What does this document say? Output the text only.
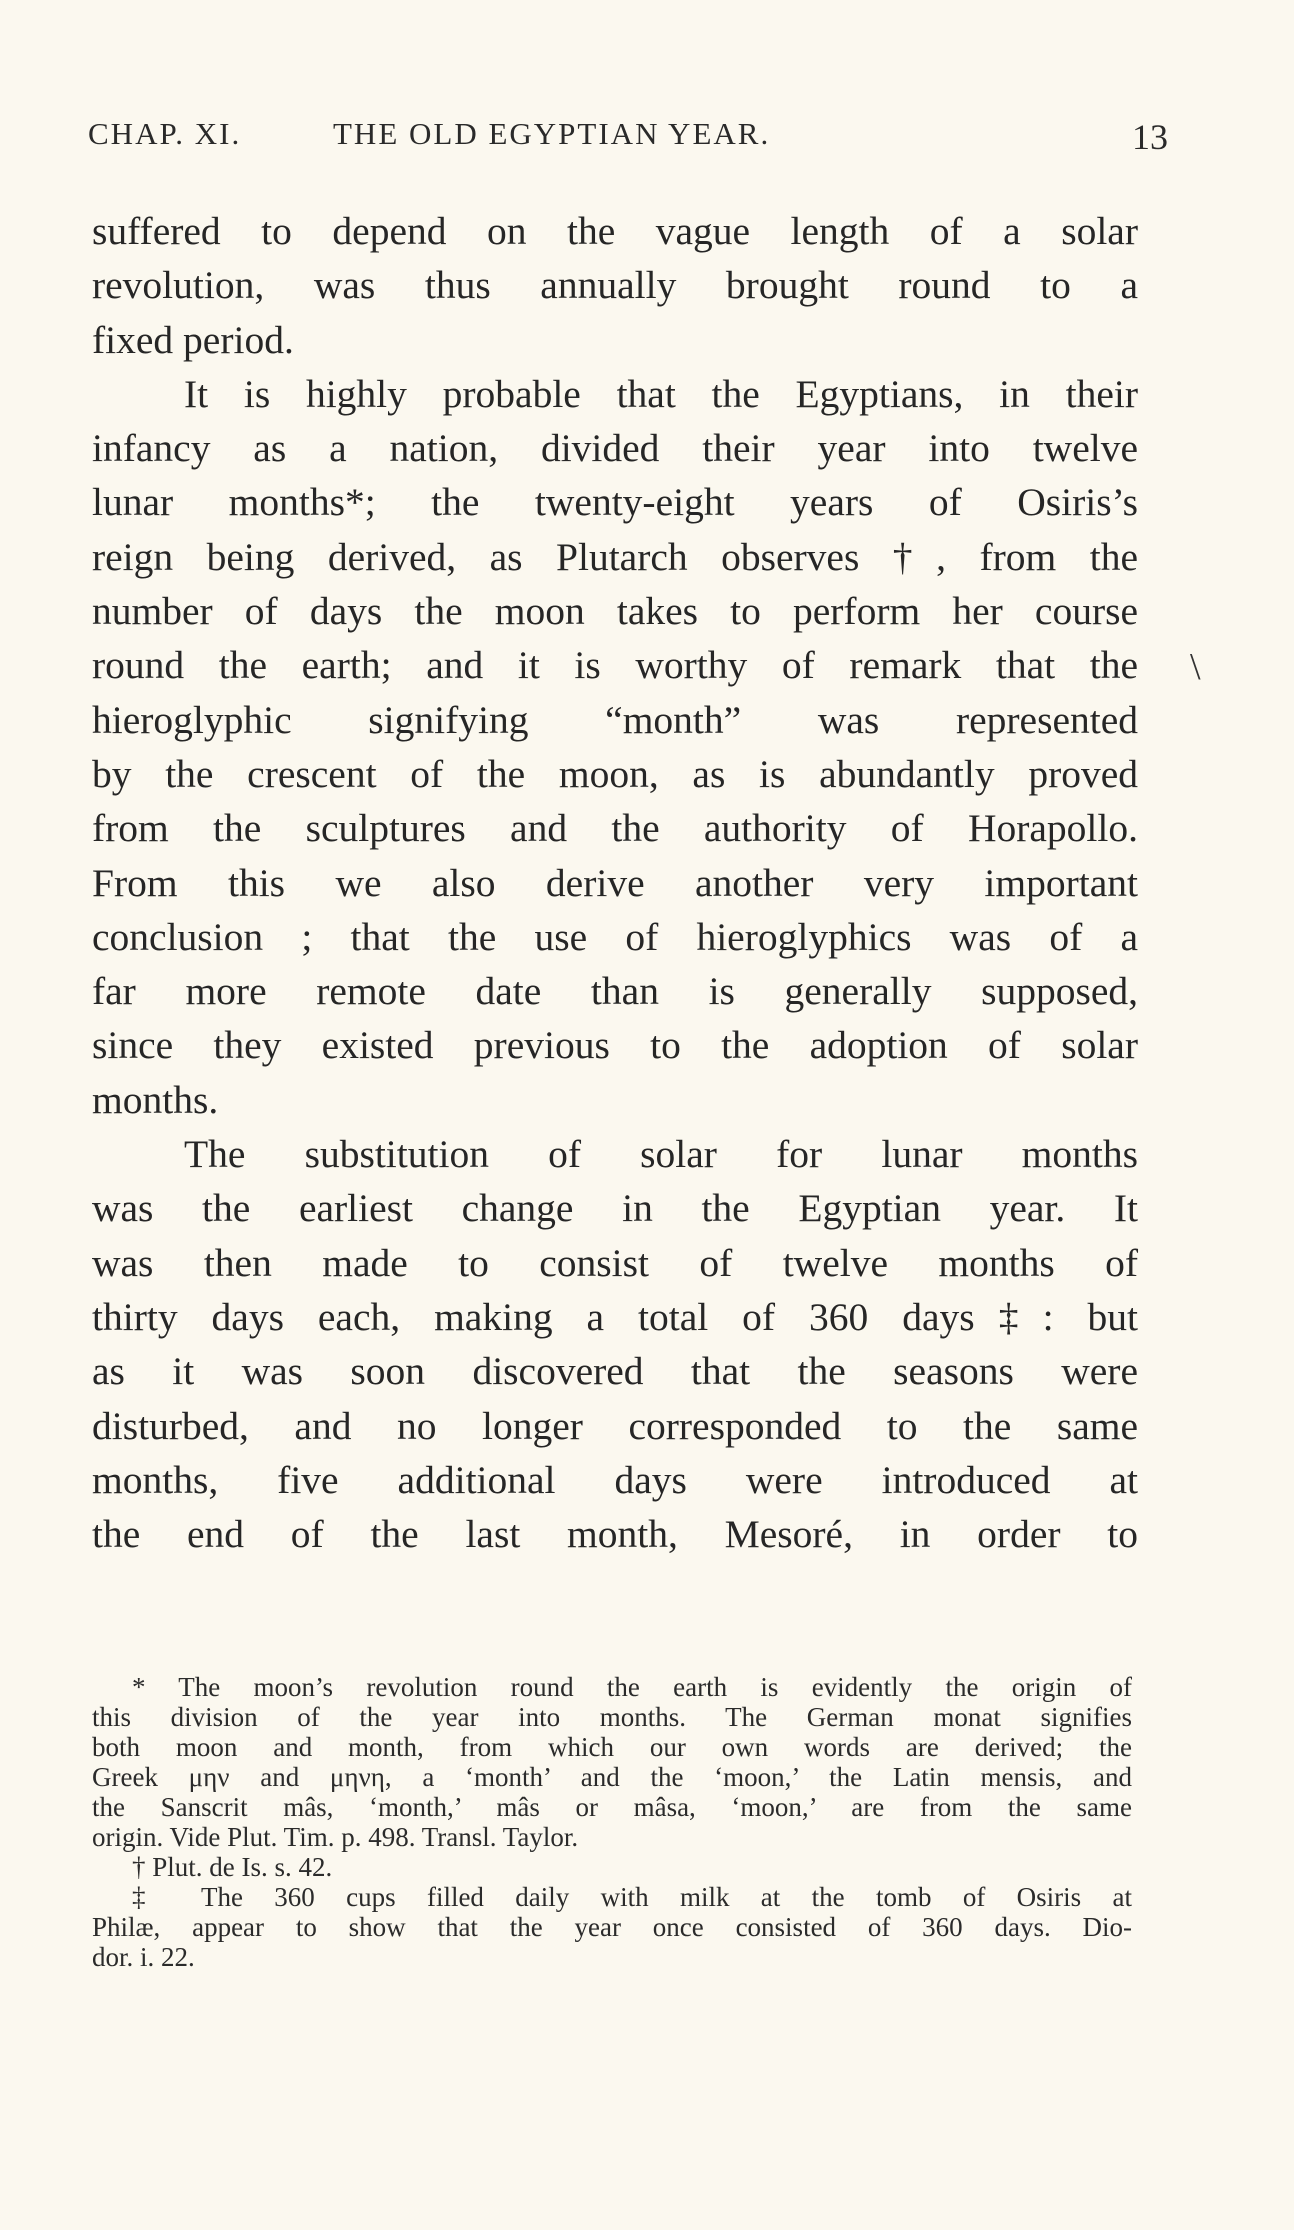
CHAP. XI.	THE OLD EGYPTIAN YEAR.	13
suffered to depend on the vague length of a solar
revolution, was thus annually brought round to a
fixed period.
It is highly probable that the Egyptians, in their
infancy as a nation, divided their year into twelve
lunar months*; the twenty-eight years of Osiris’s
reign being derived, as Plutarch observes †, from the
number of days the moon takes to perform her course
round the earth; and it is worthy of remark that the
hieroglyphic signifying “month” was represented
by the crescent of the moon, as is abundantly proved
from the sculptures and the authority of Horapollo.
From this we also derive another very important
conclusion ; that the use of hieroglyphics was of a
far more remote date than is generally supposed,
since they existed previous to the adoption of solar
months.
The substitution of solar for lunar months
was the earliest change in the Egyptian year. It
was then made to consist of twelve months of
thirty days each, making a total of 360 days‡: but
as it was soon discovered that the seasons were
disturbed, and no longer corresponded to the same
months, five additional days were introduced at
the end of the last month, Mesoré, in order to
\
* The moon’s revolution round the earth is evidently the origin of
this division of the year into months. The German monat signifies
both moon and month, from which our own words are derived; the
Greek μην and μηνη, a ‘month’ and the ‘moon,’ the Latin mensis, and
the Sanscrit mâs, ‘month,’ mâs or mâsa, ‘moon,’ are from the same
origin. Vide Plut. Tim. p. 498. Transl. Taylor.
† Plut. de Is. s. 42.
‡ The 360 cups filled daily with milk at the tomb of Osiris at
Philæ, appear to show that the year once consisted of 360 days. Dio-
dor. i. 22.
